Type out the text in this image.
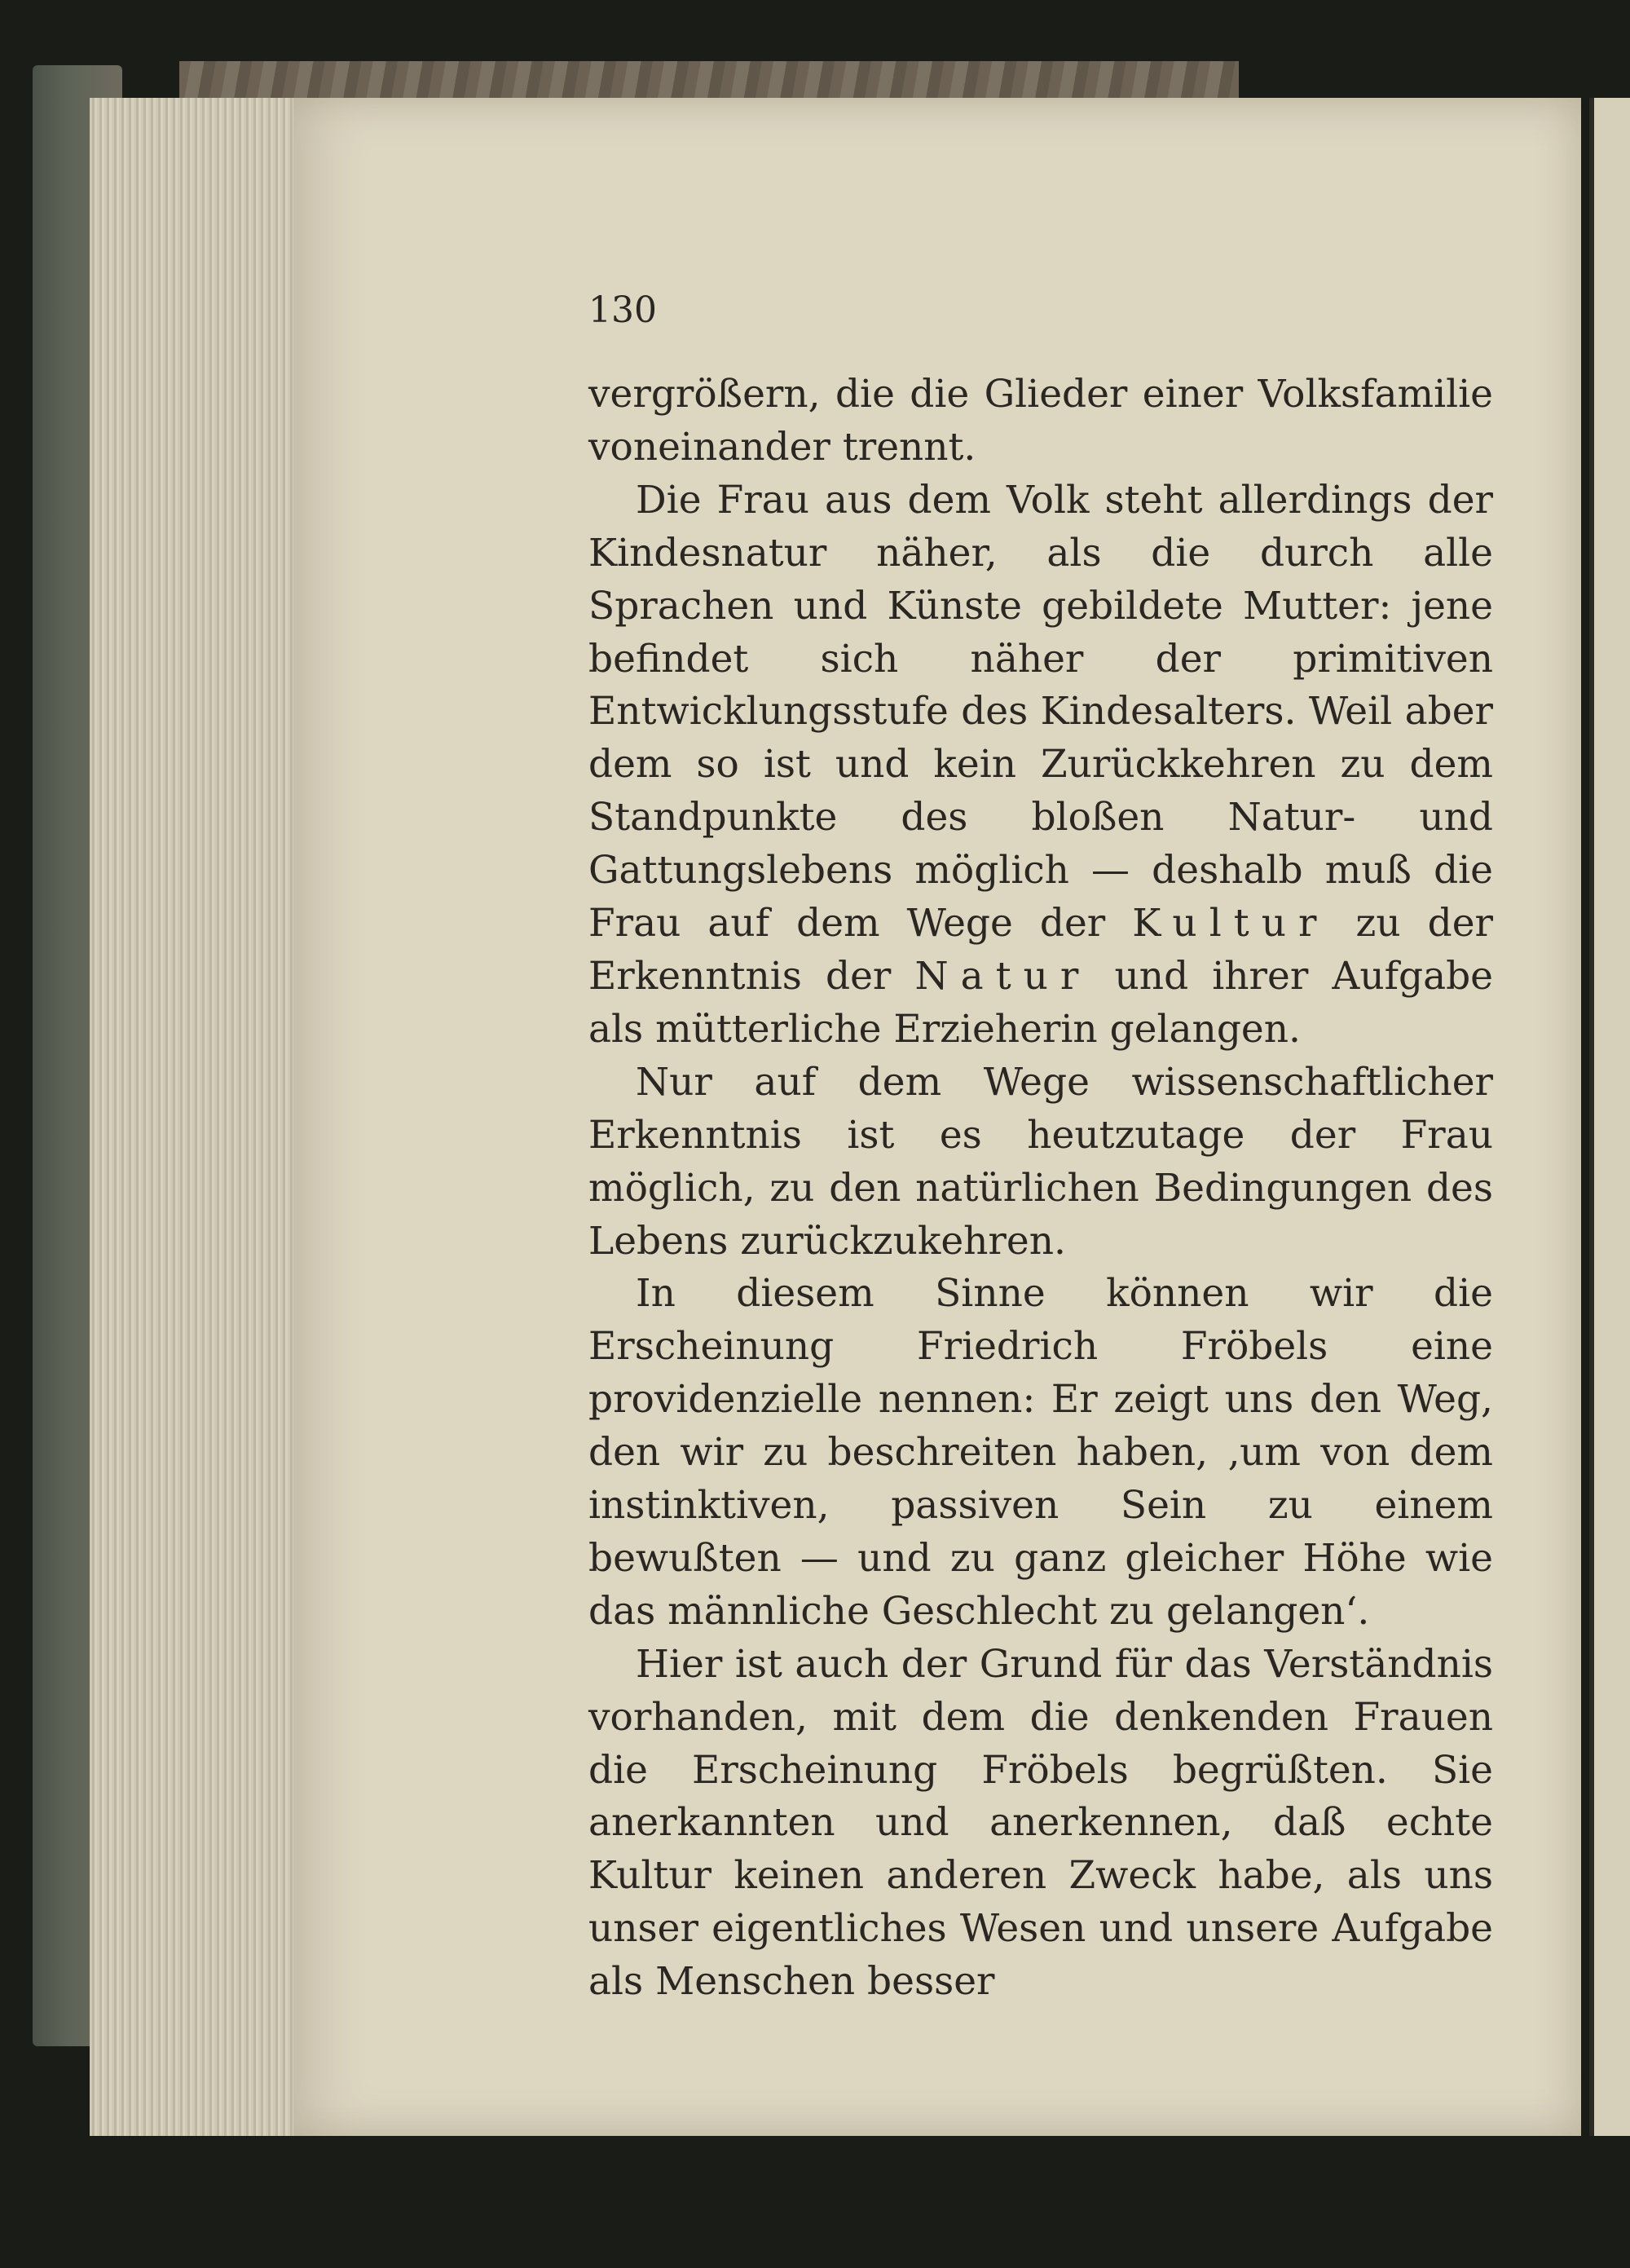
130

vergrößern, die die Glieder einer Volksfamilie voneinander trennt.

Die Frau aus dem Volk steht allerdings der Kindesnatur näher, als die durch alle Sprachen und Künste gebildete Mutter: jene befindet sich näher der primitiven Entwicklungsstufe des Kindesalters. Weil aber dem so ist und kein Zurückkehren zu dem Standpunkte des bloßen Natur- und Gattungslebens möglich — deshalb muß die Frau auf dem Wege der Kultur zu der Erkenntnis der Natur und ihrer Aufgabe als mütterliche Erzieherin gelangen.

Nur auf dem Wege wissenschaftlicher Erkenntnis ist es heutzutage der Frau möglich, zu den natürlichen Bedingungen des Lebens zurückzukehren.

In diesem Sinne können wir die Erscheinung Friedrich Fröbels eine providenzielle nennen: Er zeigt uns den Weg, den wir zu beschreiten haben, ‚um von dem instinktiven, passiven Sein zu einem bewußten — und zu ganz gleicher Höhe wie das männliche Geschlecht zu gelangen‘.

Hier ist auch der Grund für das Verständnis vorhanden, mit dem die denkenden Frauen die Erscheinung Fröbels begrüßten. Sie anerkannten und anerkennen, daß echte Kultur keinen anderen Zweck habe, als uns unser eigentliches Wesen und unsere Aufgabe als Menschen besser
